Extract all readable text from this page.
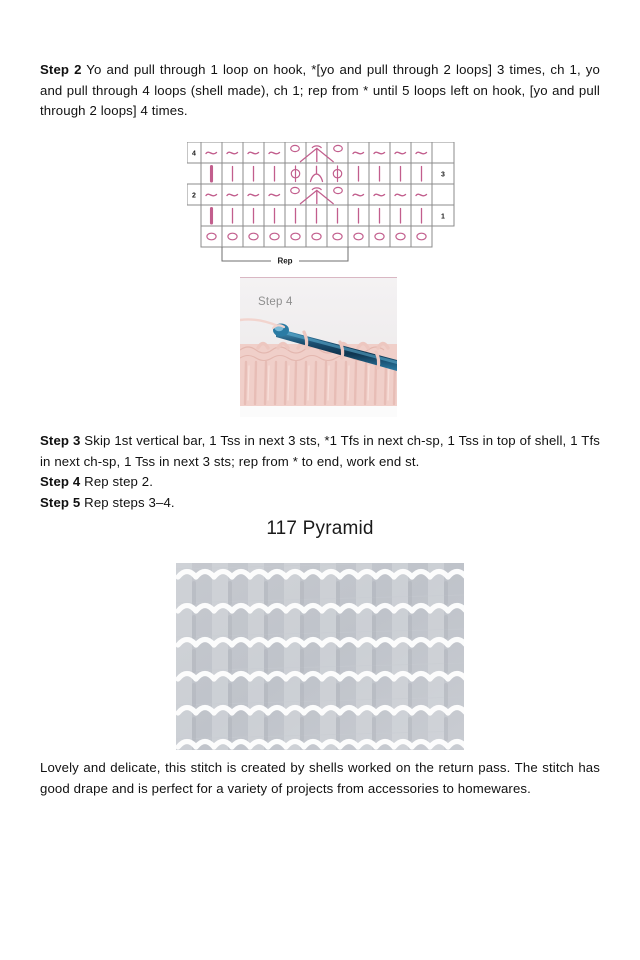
Step 2 Yo and pull through 1 loop on hook, *[yo and pull through 2 loops] 3 times, ch 1, yo and pull through 4 loops (shell made), ch 1; rep from * until 5 loops left on hook, [yo and pull through 2 loops] 4 times.
4
3
2
1
Rep
Step 4
Step 3 Skip 1st vertical bar, 1 Tss in next 3 sts, *1 Tfs in next ch-sp, 1 Tss in top of shell, 1 Tfs in next ch-sp, 1 Tss in next 3 sts; rep from * to end, work end st.
Step 4 Rep step 2.
Step 5 Rep steps 3–4.
117 Pyramid
Lovely and delicate, this stitch is created by shells worked on the return pass. The stitch has good drape and is perfect for a variety of projects from accessories to homewares.
